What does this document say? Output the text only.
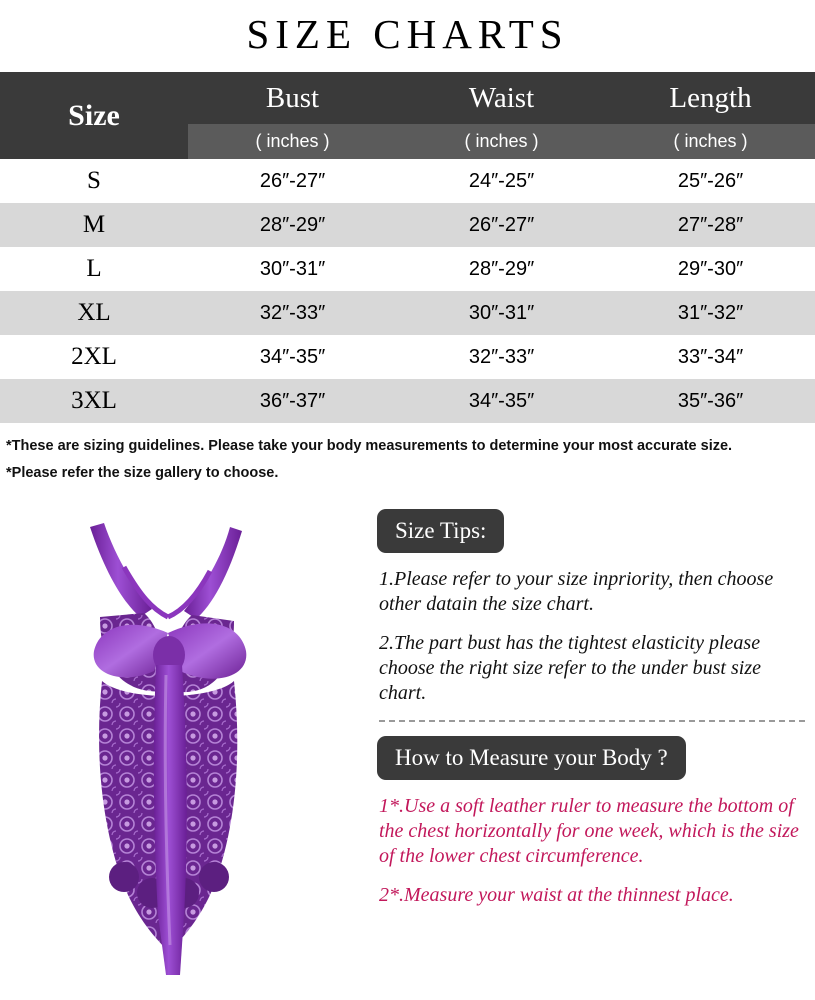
SIZE CHARTS
Size	Bust	Waist	Length
	( inches )	( inches )	( inches )
S	26″-27″	24″-25″	25″-26″
M	28″-29″	26″-27″	27″-28″
L	30″-31″	28″-29″	29″-30″
XL	32″-33″	30″-31″	31″-32″
2XL	34″-35″	32″-33″	33″-34″
3XL	36″-37″	34″-35″	35″-36″
*These are sizing guidelines. Please take your body measurements to determine your most accurate size.
*Please refer the size gallery to choose.
Size Tips:
1.Please refer to your size inpriority, then choose other datain the size chart.
2.The part bust has the tightest elasticity please choose the right size refer to the under bust size chart.
How to Measure your Body ?
1*.Use a soft leather ruler to measure the bottom of the chest horizontally for one week, which is the size of the lower chest circumference.
2*.Measure your waist at the thinnest place.
